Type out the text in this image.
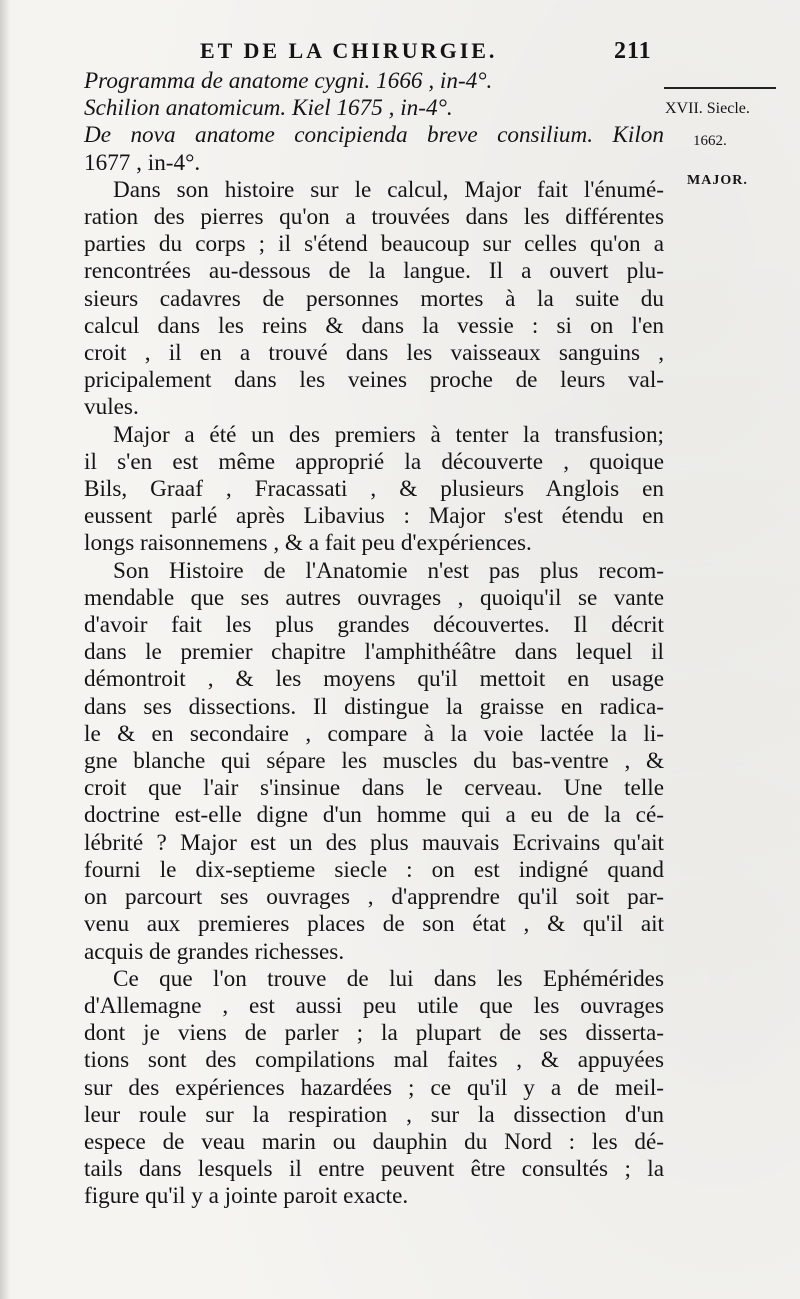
ET DE LA CHIRURGIE.	211
XVII. Siecle.
1662.
MAJOR.
Programma de anatome cygni. 1666 , in-4°.
Schilion anatomicum. Kiel 1675 , in-4°.
De nova anatome concipienda breve consilium. Kilon
1677 , in-4°.
Dans son histoire sur le calcul, Major fait l'énumé-
ration des pierres qu'on a trouvées dans les différentes
parties du corps ; il s'étend beaucoup sur celles qu'on a
rencontrées au-dessous de la langue. Il a ouvert plu-
sieurs cadavres de personnes mortes à la suite du
calcul dans les reins & dans la vessie : si on l'en
croit , il en a trouvé dans les vaisseaux sanguins ,
pricipalement dans les veines proche de leurs val-
vules.
Major a été un des premiers à tenter la transfusion;
il s'en est même approprié la découverte , quoique
Bils, Graaf , Fracassati , & plusieurs Anglois en
eussent parlé après Libavius : Major s'est étendu en
longs raisonnemens , & a fait peu d'expériences.
Son Histoire de l'Anatomie n'est pas plus recom-
mendable que ses autres ouvrages , quoiqu'il se vante
d'avoir fait les plus grandes découvertes. Il décrit
dans le premier chapitre l'amphithéâtre dans lequel il
démontroit , & les moyens qu'il mettoit en usage
dans ses dissections. Il distingue la graisse en radica-
le & en secondaire , compare à la voie lactée la li-
gne blanche qui sépare les muscles du bas-ventre , &
croit que l'air s'insinue dans le cerveau. Une telle
doctrine est-elle digne d'un homme qui a eu de la cé-
lébrité ? Major est un des plus mauvais Ecrivains qu'ait
fourni le dix-septieme siecle : on est indigné quand
on parcourt ses ouvrages , d'apprendre qu'il soit par-
venu aux premieres places de son état , & qu'il ait
acquis de grandes richesses.
Ce que l'on trouve de lui dans les Ephémérides
d'Allemagne , est aussi peu utile que les ouvrages
dont je viens de parler ; la plupart de ses disserta-
tions sont des compilations mal faites , & appuyées
sur des expériences hazardées ; ce qu'il y a de meil-
leur roule sur la respiration , sur la dissection d'un
espece de veau marin ou dauphin du Nord : les dé-
tails dans lesquels il entre peuvent être consultés ; la
figure qu'il y a jointe paroit exacte.
